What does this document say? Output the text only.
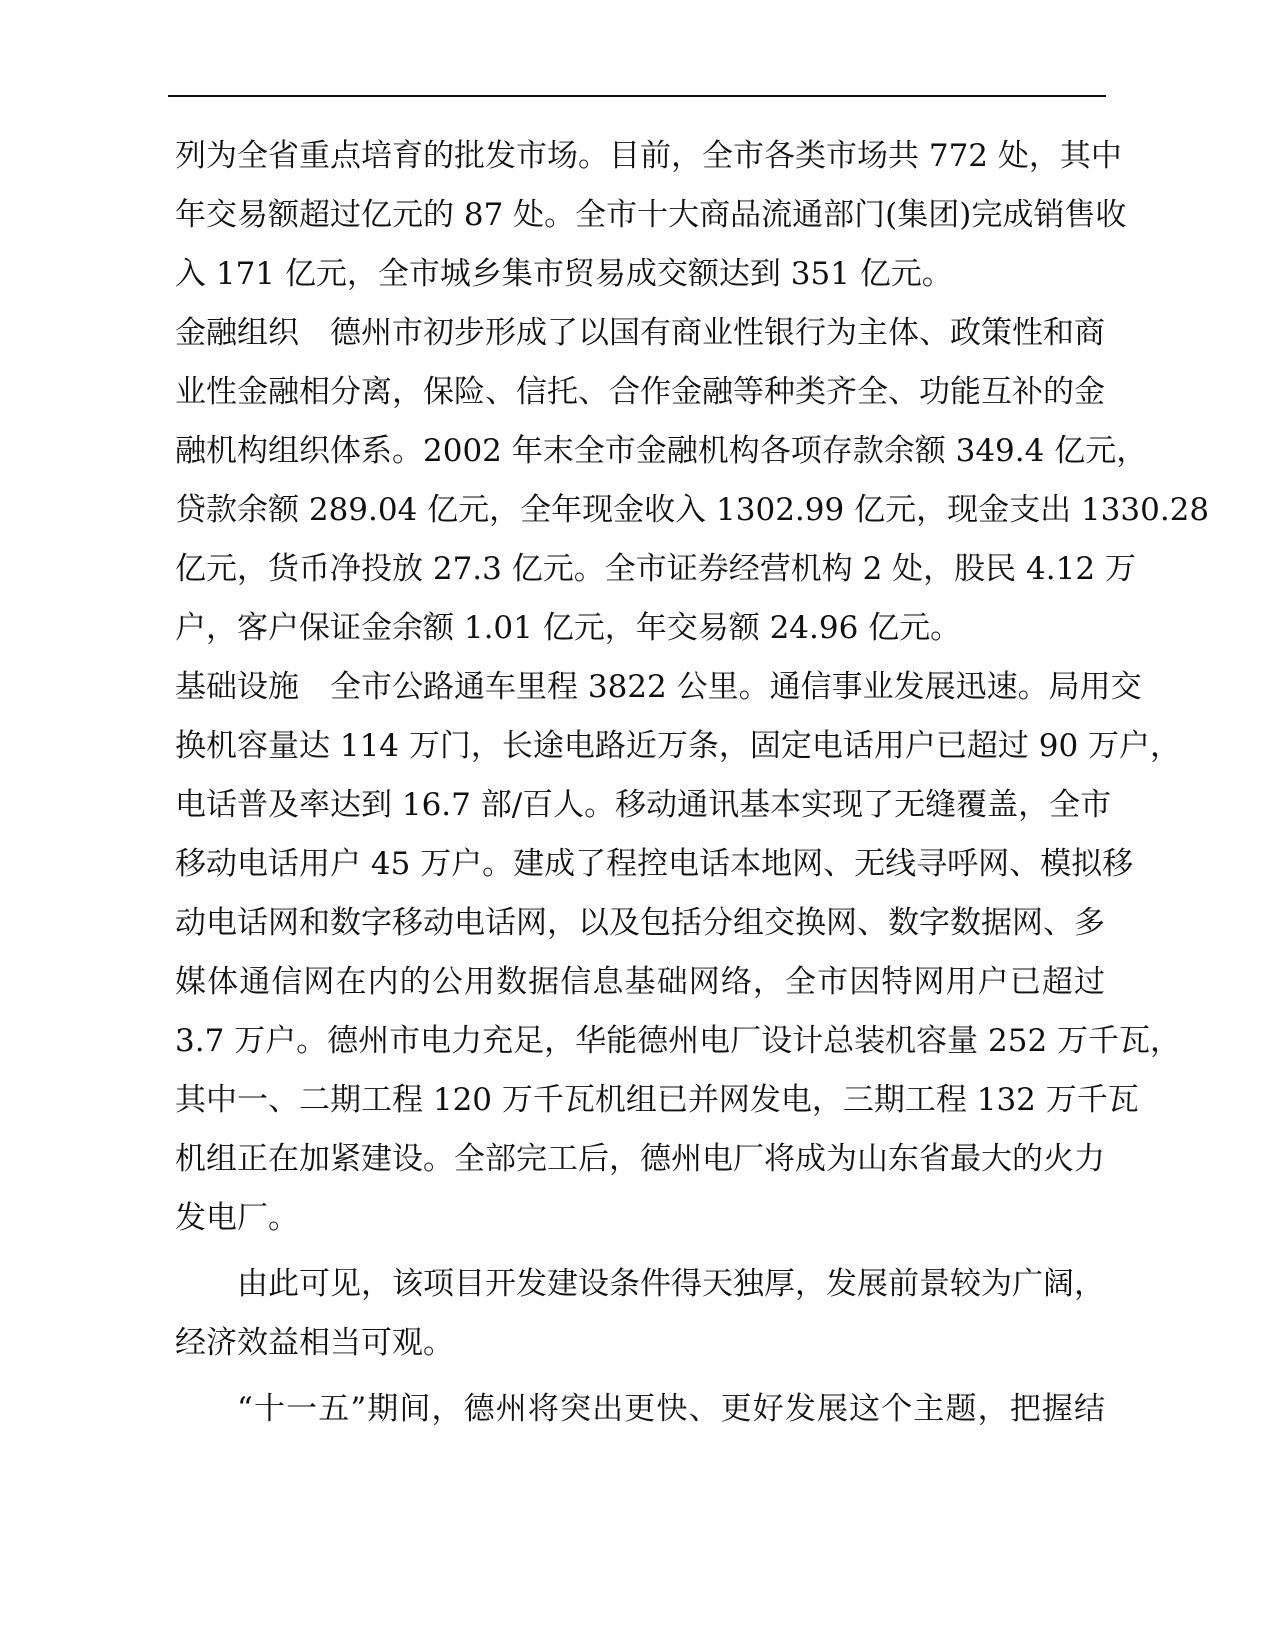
列为全省重点培育的批发市场。目前，全市各类市场共 772 处，其中
年交易额超过亿元的 87 处。全市十大商品流通部门(集团)完成销售收
入 171 亿元，全市城乡集市贸易成交额达到 351 亿元。
金融组织　德州市初步形成了以国有商业性银行为主体、政策性和商
业性金融相分离，保险、信托、合作金融等种类齐全、功能互补的金
融机构组织体系。2002 年末全市金融机构各项存款余额 349.4 亿元，
贷款余额 289.04 亿元，全年现金收入 1302.99 亿元，现金支出 1330.28
亿元，货币净投放 27.3 亿元。全市证券经营机构 2 处，股民 4.12 万
户，客户保证金余额 1.01 亿元，年交易额 24.96 亿元。
基础设施　全市公路通车里程 3822 公里。通信事业发展迅速。局用交
换机容量达 114 万门，长途电路近万条，固定电话用户已超过 90 万户，
电话普及率达到 16.7 部/百人。移动通讯基本实现了无缝覆盖，全市
移动电话用户 45 万户。建成了程控电话本地网、无线寻呼网、模拟移
动电话网和数字移动电话网，以及包括分组交换网、数字数据网、多
媒体通信网在内的公用数据信息基础网络，全市因特网用户已超过
3.7 万户。德州市电力充足，华能德州电厂设计总装机容量 252 万千瓦，
其中一、二期工程 120 万千瓦机组已并网发电，三期工程 132 万千瓦
机组正在加紧建设。全部完工后，德州电厂将成为山东省最大的火力
发电厂。
由此可见，该项目开发建设条件得天独厚，发展前景较为广阔，
经济效益相当可观。
“十一五”期间，德州将突出更快、更好发展这个主题，把握结
